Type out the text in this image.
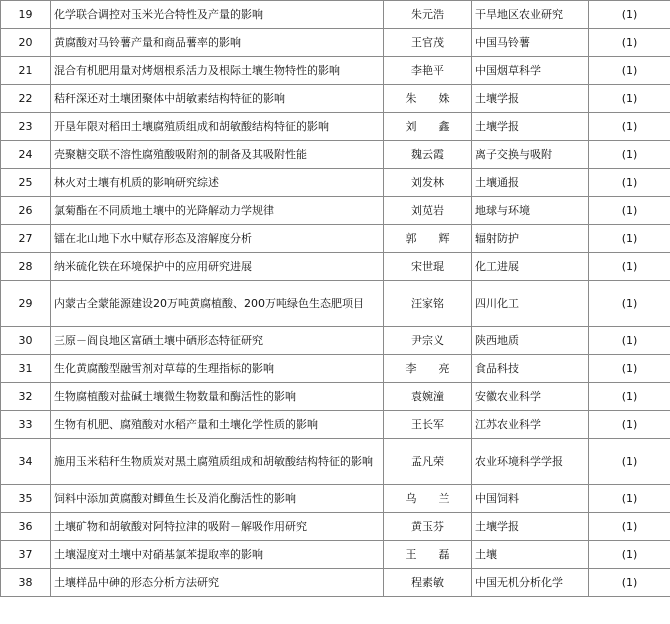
19	化学联合调控对玉米光合特性及产量的影响	朱元浩	干旱地区农业研究	(1)
20	黄腐酸对马铃薯产量和商品薯率的影响	王官茂	中国马铃薯	(1)
21	混合有机肥用量对烤烟根系活力及根际土壤生物特性的影响	李艳平	中国烟草科学	(1)
22	秸秆深还对土壤团聚体中胡敏素结构特征的影响	朱　　姝	土壤学报	(1)
23	开垦年限对稻田土壤腐殖质组成和胡敏酸结构特征的影响	刘　　鑫	土壤学报	(1)
24	壳聚糖交联不溶性腐殖酸吸附剂的制备及其吸附性能	魏云霞	离子交换与吸附	(1)
25	林火对土壤有机质的影响研究综述	刘发林	土壤通报	(1)
26	氯菊酯在不同质地土壤中的光降解动力学规律	刘苋岩	地球与环境	(1)
27	镭在北山地下水中赋存形态及溶解度分析	郭　　辉	辐射防护	(1)
28	纳米硫化铁在环境保护中的应用研究进展	宋世琨	化工进展	(1)
29	内蒙古全蒙能源建设20万吨黄腐植酸、200万吨绿色生态肥项目	汪家铭	四川化工	(1)
30	三原－阎良地区富硒土壤中硒形态特征研究	尹宗义	陕西地质	(1)
31	生化黄腐酸型融雪剂对草莓的生理指标的影响	李　　亮	食品科技	(1)
32	生物腐植酸对盐碱土壤微生物数量和酶活性的影响	袁婉潼	安徽农业科学	(1)
33	生物有机肥、腐殖酸对水稻产量和土壤化学性质的影响	王长军	江苏农业科学	(1)
34	施用玉米秸秆生物质炭对黑土腐殖质组成和胡敏酸结构特征的影响	孟凡荣	农业环境科学学报	(1)
35	饲料中添加黄腐酸对鲫鱼生长及消化酶活性的影响	乌　　兰	中国饲料	(1)
36	土壤矿物和胡敏酸对阿特拉津的吸附－解吸作用研究	黄玉芬	土壤学报	(1)
37	土壤湿度对土壤中对硝基氯苯提取率的影响	王　　磊	土壤	(1)
38	土壤样品中砷的形态分析方法研究	程素敏	中国无机分析化学	(1)
